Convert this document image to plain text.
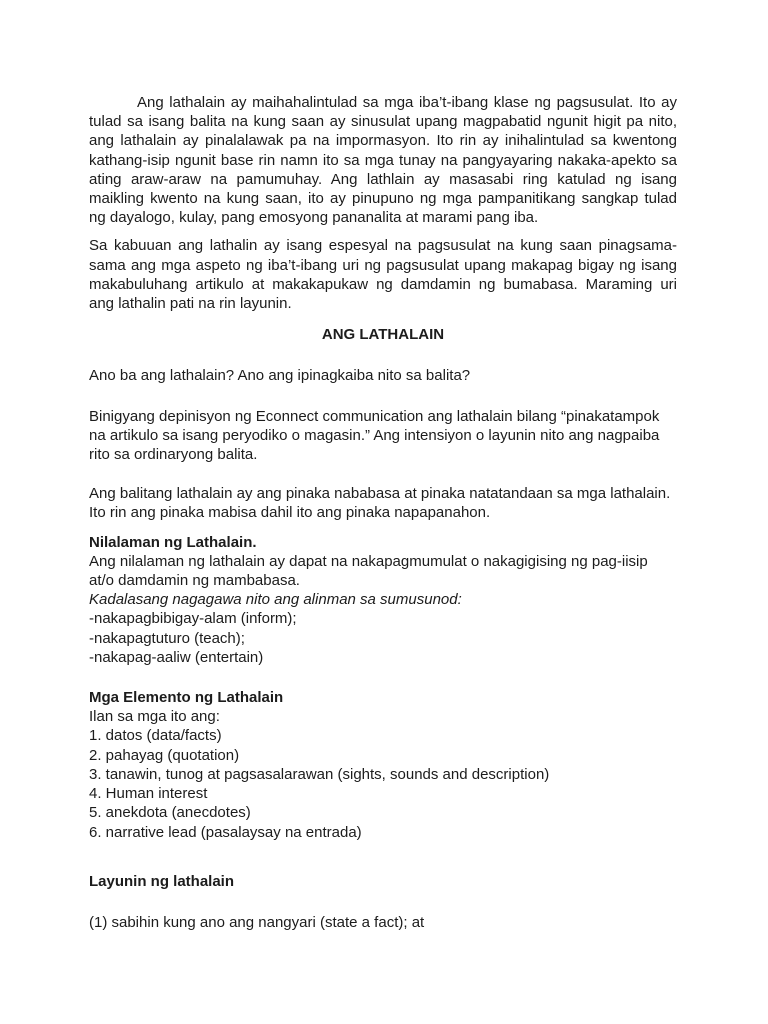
Ang lathalain ay maihahalintulad sa mga iba’t-ibang klase ng pagsusulat. Ito ay
tulad sa isang balita na kung saan ay sinusulat upang magpabatid ngunit higit pa nito,
ang lathalain ay pinalalawak pa na impormasyon. Ito rin ay inihalintulad sa kwentong
kathang-isip ngunit base rin namn ito sa mga tunay na pangyayaring nakaka-apekto sa
ating araw-araw na pamumuhay. Ang lathlain ay masasabi ring katulad ng isang
maikling kwento na kung saan, ito ay pinupuno ng mga pampanitikang sangkap tulad
ng dayalogo, kulay, pang emosyong pananalita at marami pang iba.
Sa kabuuan ang lathalin ay isang espesyal na pagsusulat na kung saan pinagsama-
sama ang mga aspeto ng iba’t-ibang uri ng pagsusulat upang makapag bigay ng isang
makabuluhang artikulo at makakapukaw ng damdamin ng bumabasa. Maraming uri
ang lathalin pati na rin layunin.
ANG LATHALAIN
Ano ba ang lathalain? Ano ang ipinagkaiba nito sa balita?
Binigyang depinisyon ng Econnect communication ang lathalain bilang “pinakatampok
na artikulo sa isang peryodiko o magasin.” Ang intensiyon o layunin nito ang nagpaiba
rito sa ordinaryong balita.
Ang balitang lathalain ay ang pinaka nababasa at pinaka natatandaan sa mga lathalain.
Ito rin ang pinaka mabisa dahil ito ang pinaka napapanahon.
Nilalaman ng Lathalain.
Ang nilalaman ng lathalain ay dapat na nakapagmumulat o nakagigising ng pag-iisip
at/o damdamin ng mambabasa.
Kadalasang nagagawa nito ang alinman sa sumusunod:
-nakapagbibigay-alam (inform);
-nakapagtuturo (teach);
-nakapag-aaliw (entertain)
Mga Elemento ng Lathalain
Ilan sa mga ito ang:
1. datos (data/facts)
2. pahayag (quotation)
3. tanawin, tunog at pagsasalarawan (sights, sounds and description)
4. Human interest
5. anekdota (anecdotes)
6. narrative lead (pasalaysay na entrada)
Layunin ng lathalain
(1) sabihin kung ano ang nangyari (state a fact); at
